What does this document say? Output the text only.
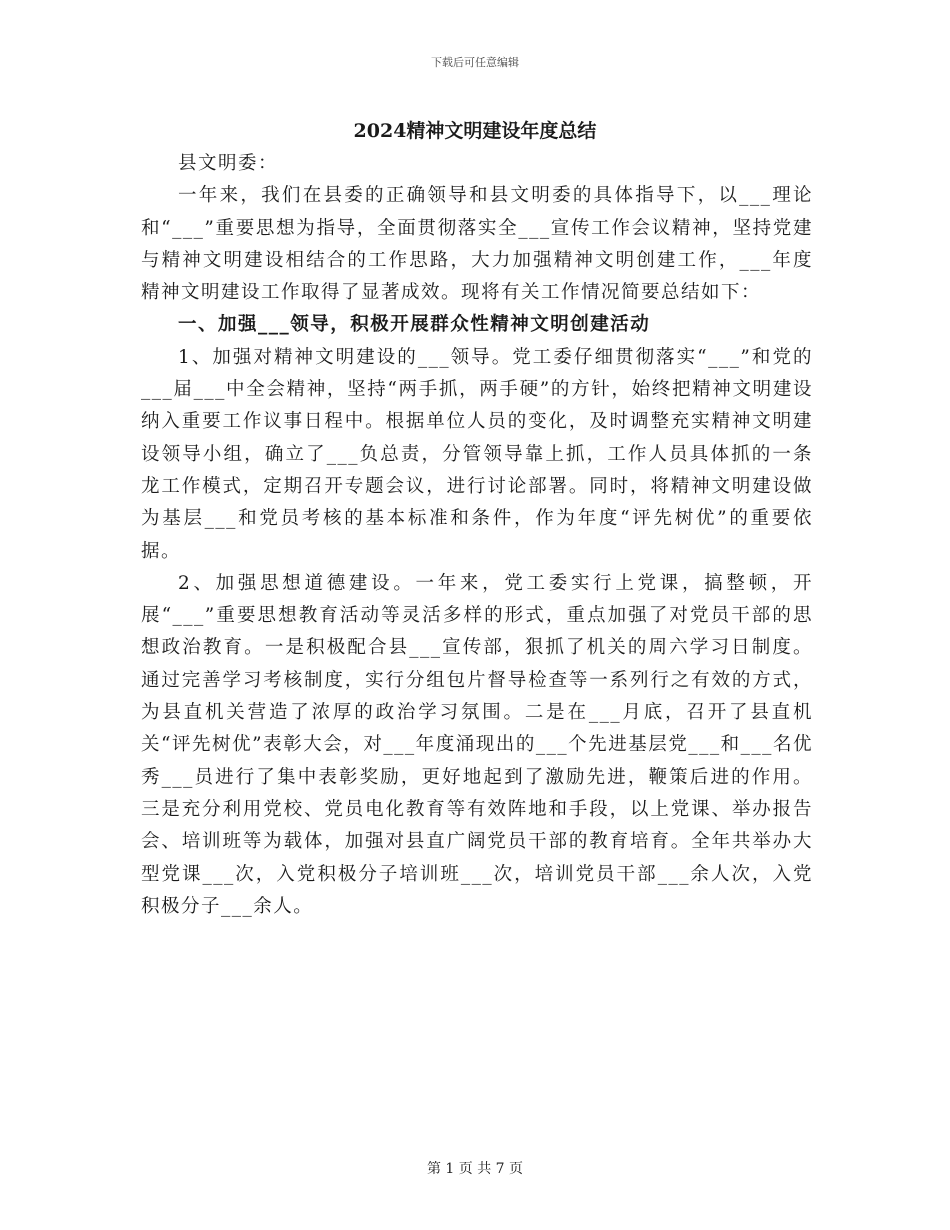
下载后可任意编辑
2024精神文明建设年度总结

县文明委：

一年来，我们在县委的正确领导和县文明委的具体指导下，以___理论和“___”重要思想为指导，全面贯彻落实全___宣传工作会议精神，坚持党建与精神文明建设相结合的工作思路，大力加强精神文明创建工作，___年度精神文明建设工作取得了显著成效。现将有关工作情况简要总结如下：

一、加强___领导，积极开展群众性精神文明创建活动

1、加强对精神文明建设的___领导。党工委仔细贯彻落实“___”和党的___届___中全会精神，坚持“两手抓，两手硬”的方针，始终把精神文明建设纳入重要工作议事日程中。根据单位人员的变化，及时调整充实精神文明建设领导小组，确立了___负总责，分管领导靠上抓，工作人员具体抓的一条龙工作模式，定期召开专题会议，进行讨论部署。同时，将精神文明建设做为基层___和党员考核的基本标准和条件，作为年度“评先树优”的重要依据。

2、加强思想道德建设。一年来，党工委实行上党课，搞整顿，开展“___”重要思想教育活动等灵活多样的形式，重点加强了对党员干部的思想政治教育。一是积极配合县___宣传部，狠抓了机关的周六学习日制度。通过完善学习考核制度，实行分组包片督导检查等一系列行之有效的方式，为县直机关营造了浓厚的政治学习氛围。二是在___月底，召开了县直机关“评先树优”表彰大会，对___年度涌现出的___个先进基层党___和___名优秀___员进行了集中表彰奖励，更好地起到了激励先进，鞭策后进的作用。三是充分利用党校、党员电化教育等有效阵地和手段，以上党课、举办报告会、培训班等为载体，加强对县直广阔党员干部的教育培育。全年共举办大型党课___次，入党积极分子培训班___次，培训党员干部___余人次，入党积极分子___余人。

第 1 页 共 7 页
